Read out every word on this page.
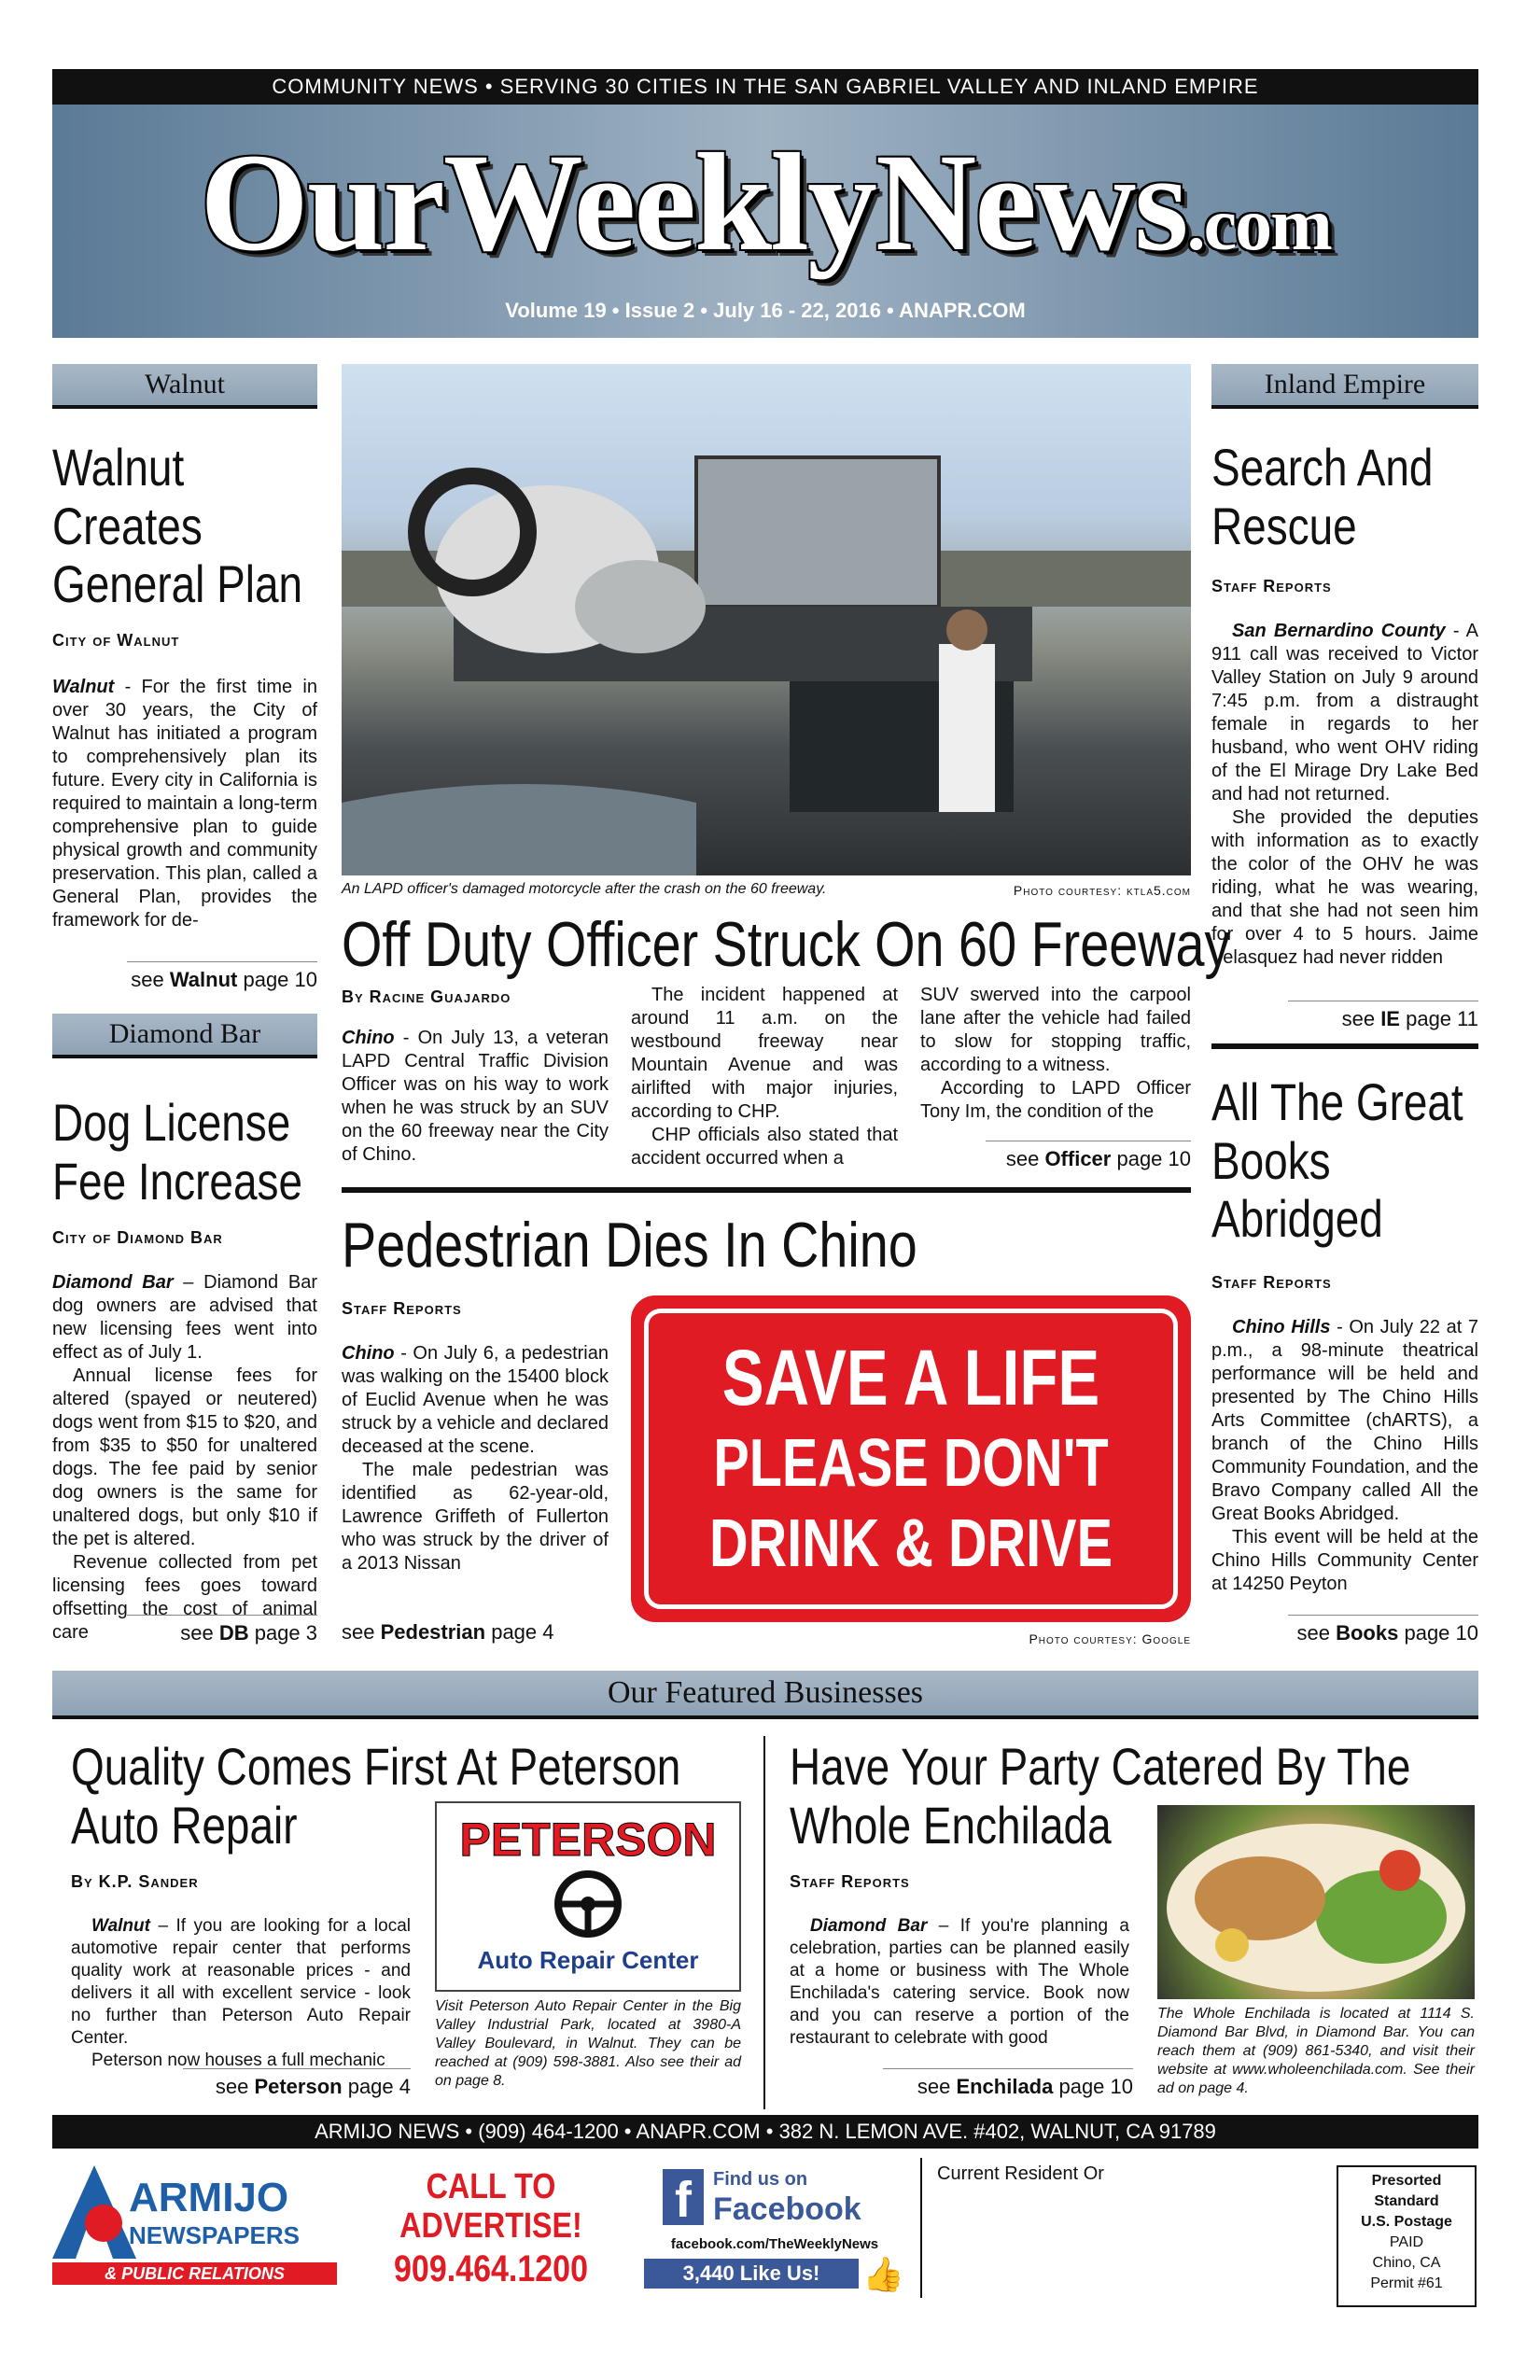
COMMUNITY NEWS • SERVING 30 CITIES IN THE SAN GABRIEL VALLEY AND INLAND EMPIRE
OurWeeklyNews.com
Volume 19 • Issue 2 • July 16 - 22, 2016 • ANAPR.COM
Walnut
Walnut Creates General Plan
City of Walnut
Walnut - For the first time in over 30 years, the City of Walnut has initiated a program to comprehensively plan its future. Every city in California is required to maintain a long-term comprehensive plan to guide physical growth and community preservation. This plan, called a General Plan, provides the framework for de-
see Walnut page 10
Diamond Bar
Dog License Fee Increase
City of Diamond Bar
Diamond Bar – Diamond Bar dog owners are advised that new licensing fees went into effect as of July 1.
Annual license fees for altered (spayed or neutered) dogs went from $15 to $20, and from $35 to $50 for unaltered dogs. The fee paid by senior dog owners is the same for unaltered dogs, but only $10 if the pet is altered.
Revenue collected from pet licensing fees goes toward offsetting the cost of animal care	see DB page 3
An LAPD officer's damaged motorcycle after the crash on the 60 freeway.	Photo courtesy: ktla5.com
Off Duty Officer Struck On 60 Freeway
By Racine Guajardo
Chino - On July 13, a veteran LAPD Central Traffic Division Officer was on his way to work when he was struck by an SUV on the 60 freeway near the City of Chino.
The incident happened at around 11 a.m. on the westbound freeway near Mountain Avenue and was airlifted with major injuries, according to CHP.
CHP officials also stated that accident occurred when a
SUV swerved into the carpool lane after the vehicle had failed to slow for stopping traffic, according to a witness.
According to LAPD Officer Tony Im, the condition of the
see Officer page 10
Pedestrian Dies In Chino
Staff Reports
Chino - On July 6, a pedestrian was walking on the 15400 block of Euclid Avenue when he was struck by a vehicle and declared deceased at the scene.
The male pedestrian was identified as 62-year-old, Lawrence Griffeth of Fullerton who was struck by the driver of a 2013 Nissan
see Pedestrian page 4
SAVE A LIFE
PLEASE DON'T
DRINK & DRIVE
Photo courtesy: Google
Inland Empire
Search And Rescue
Staff Reports
San Bernardino County - A 911 call was received to Victor Valley Station on July 9 around 7:45 p.m. from a distraught female in regards to her husband, who went OHV riding of the El Mirage Dry Lake Bed and had not returned.
She provided the deputies with information as to exactly the color of the OHV he was riding, what he was wearing, and that she had not seen him for over 4 to 5 hours. Jaime Velasquez had never ridden
see IE page 11
All The Great Books Abridged
Staff Reports
Chino Hills - On July 22 at 7 p.m., a 98-minute theatrical performance will be held and presented by The Chino Hills Arts Committee (chARTS), a branch of the Chino Hills Community Foundation, and the Bravo Company called All the Great Books Abridged.
This event will be held at the Chino Hills Community Center at 14250 Peyton
see Books page 10
Our Featured Businesses
Quality Comes First At Peterson Auto Repair
By K.P. Sander
Walnut – If you are looking for a local automotive repair center that performs quality work at reasonable prices - and delivers it all with excellent service - look no further than Peterson Auto Repair Center.
Peterson now houses a full mechanic
see Peterson page 4
PETERSON
Auto Repair Center
Visit Peterson Auto Repair Center in the Big Valley Industrial Park, located at 3980-A Valley Boulevard, in Walnut. They can be reached at (909) 598-3881. Also see their ad on page 8.
Have Your Party Catered By The Whole Enchilada
Staff Reports
Diamond Bar – If you're planning a celebration, parties can be planned easily at a home or business with The Whole Enchilada's catering service. Book now and you can reserve a portion of the restaurant to celebrate with good
see Enchilada page 10
The Whole Enchilada is located at 1114 S. Diamond Bar Blvd, in Diamond Bar. You can reach them at (909) 861-5340, and visit their website at www.wholeenchilada.com. See their ad on page 4.
ARMIJO NEWS • (909) 464-1200 • ANAPR.COM • 382 N. LEMON AVE. #402, WALNUT, CA 91789
ARMIJO
NEWSPAPERS
& PUBLIC RELATIONS
CALL TO
ADVERTISE!
909.464.1200
f	Find us on
Facebook
facebook.com/TheWeeklyNews
3,440 Like Us!	👍
Current Resident Or	Presorted
Standard
U.S. Postage
PAID
Chino, CA
Permit #61
